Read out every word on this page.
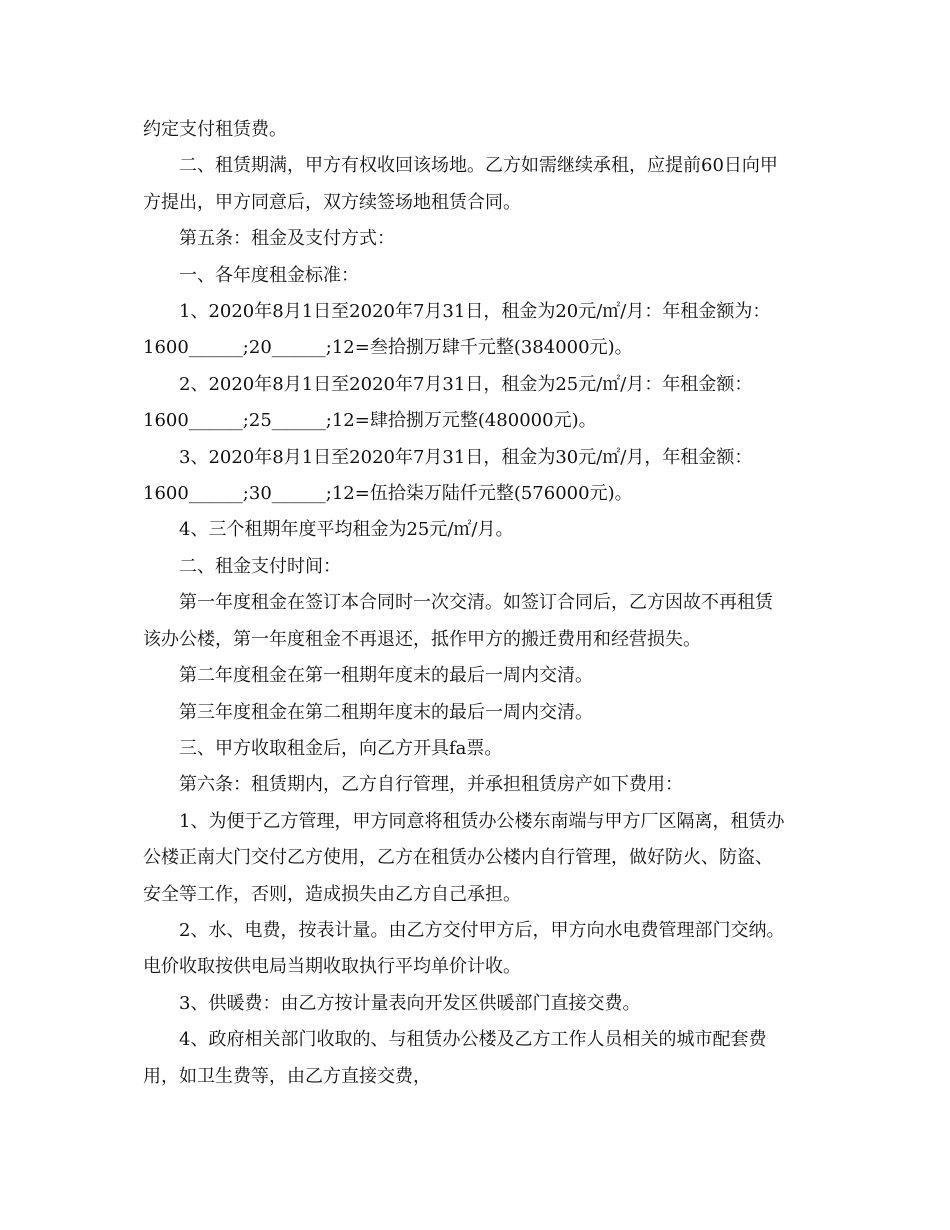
约定支付租赁费。
二、租赁期满，甲方有权收回该场地。乙方如需继续承租，应提前60日向甲
方提出，甲方同意后，双方续签场地租赁合同。
第五条：租金及支付方式：
一、各年度租金标准：
1、2020年8月1日至2020年7月31日，租金为20元/㎡/月：年租金额为：
1600______;20______;12=叁拾捌万肆千元整(384000元)。
2、2020年8月1日至2020年7月31日，租金为25元/㎡/月：年租金额：
1600______;25______;12=肆拾捌万元整(480000元)。
3、2020年8月1日至2020年7月31日，租金为30元/㎡/月，年租金额：
1600______;30______;12=伍拾柒万陆仟元整(576000元)。
4、三个租期年度平均租金为25元/㎡/月。
二、租金支付时间：
第一年度租金在签订本合同时一次交清。如签订合同后，乙方因故不再租赁
该办公楼，第一年度租金不再退还，抵作甲方的搬迁费用和经营损失。
第二年度租金在第一租期年度末的最后一周内交清。
第三年度租金在第二租期年度末的最后一周内交清。
三、甲方收取租金后，向乙方开具fa票。
第六条：租赁期内，乙方自行管理，并承担租赁房产如下费用：
1、为便于乙方管理，甲方同意将租赁办公楼东南端与甲方厂区隔离，租赁办
公楼正南大门交付乙方使用，乙方在租赁办公楼内自行管理，做好防火、防盗、
安全等工作，否则，造成损失由乙方自己承担。
2、水、电费，按表计量。由乙方交付甲方后，甲方向水电费管理部门交纳。
电价收取按供电局当期收取执行平均单价计收。
3、供暖费：由乙方按计量表向开发区供暖部门直接交费。
4、政府相关部门收取的、与租赁办公楼及乙方工作人员相关的城市配套费
用，如卫生费等，由乙方直接交费，
